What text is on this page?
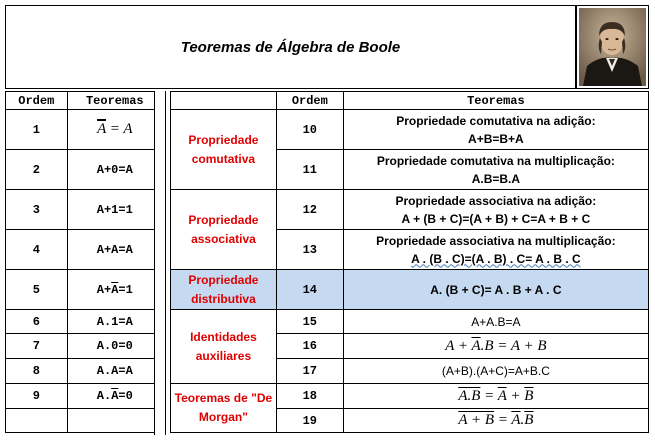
Teoremas de Álgebra de Boole
Ordem	Teoremas
1	$\overline{A} = A$
2	A+0=A
3	A+1=1
4	A+A=A
5	$A+\overline{A}=1$
6	A.1=A
7	A.0=0
8	A.A=A
9	$A.\overline{A}=0$

	Ordem	Teoremas
Propriedade comutativa	10	Propriedade comutativa na adição:
A+B=B+A

	11	Propriedade comutativa na multiplicação:
A.B=B.A

Propriedade associativa	12	Propriedade associativa na adição:
A + (B + C)=(A + B) + C=A + B + C

	13	Propriedade associativa na multiplicação:
A . (B . C)=(A . B) . C= A . B . C

Propriedade distributiva	14	A. (B + C)= A . B + A . C
Identidades auxiliares	15	A+A.B=A
	16	$A + \overline{A}.B = A + B$
	17	(A+B).(A+C)=A+B.C
Teoremas de "De Morgan"	18	$A.B = \overline{A} + \overline{B}$
	19	$A + B = \overline{A}.\overline{B}$
